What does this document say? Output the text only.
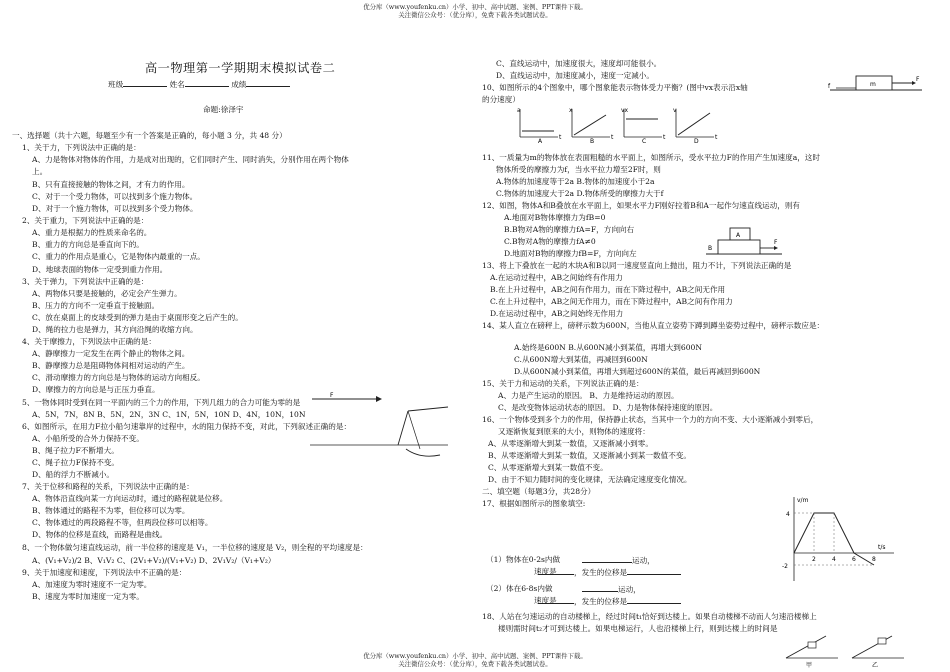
优分库（www.youfenku.cn）小学、初中、高中试题、案例、PPT课件下载。
关注微信公众号：（优分库），免费下载各类试题试卷。
高一物理第一学期期末模拟试卷二
班级	姓名	成绩
命题:徐泽宇
一、选择题（共十六题，每题至少有一个答案是正确的，每小题 3 分，共 48 分）
1、关于力，下列说法中正确的是：
A、力是物体对物体的作用，力是成对出现的，它们同时产生、同时消失，分别作用在两个物体
上。
B、只有直接接触的物体之间，才有力的作用。
C、对于一个受力物体，可以找到多个施力物体。
D、对于一个施力物体，可以找到多个受力物体。
2、关于重力，下列说法中正确的是：
A、重力是根据力的性质来命名的。
B、重力的方向总是垂直向下的。
C、重力的作用点是重心，它是物体内最重的一点。
D、地球表面的物体一定受到重力作用。
3、关于弹力，下列说法中正确的是：
A、两物体只要是接触的，必定会产生弹力。
B、压力的方向不一定垂直于接触面。
C、放在桌面上的皮球受到的弹力是由于桌面形变之后产生的。
D、绳的拉力也是弹力，其方向沿绳的收缩方向。
4、关于摩擦力，下列说法中正确的是：
A、静摩擦力一定发生在两个静止的物体之间。
B、静摩擦力总是阻碍物体间相对运动的产生。
C、滑动摩擦力的方向总是与物体的运动方向相反。
D、摩擦力的方向总是与正压力垂直。
5、一物体同时受到在同一平面内的三个力的作用，下列几组力的合力可能为零的是
A、5N，7N，8N B、5N，2N，3N C、1N，5N，10N D、4N，10N，10N
6、如图所示，在用力F拉小船匀速靠岸的过程中，水的阻力保持不变，对此，下列叙述正确的是：
A、小船所受的合外力保持不变。
B、绳子拉力F不断增大。
C、绳子拉力F保持不变。
D、船的浮力不断减小。
7、关于位移和路程的关系，下列说法中正确的是：
A、物体沿直线向某一方向运动时，通过的路程就是位移。
B、物体通过的路程不为零，但位移可以为零。
C、物体通过的两段路程不等，但两段位移可以相等。
D、物体的位移是直线，而路程是曲线。
8、一个物体做匀速直线运动，前一半位移的速度是 V₁，一半位移的速度是 V₂，则全程的平均速度是：
A、(V₁+V₂)/2 B、V₁V₂ C、(2V₁+V₂)/(V₁+V₂) D、2V₁V₂/（V₁+V₂）
9、关于加速度和速度，下列说法中不正确的是：
A、加速度为零时速度不一定为零。
B、速度为零时加速度一定为零。
C、直线运动中，加速度很大，速度却可能很小。
D、直线运动中，加速度减小，速度一定减小。
10、如图所示的4个图象中，哪个图象能表示物体受力平衡？(图中vx表示沿x轴
的分速度）
11、一质量为m的物体放在表面粗糙的水平面上，如图所示，受水平拉力F的作用产生加速度a，这时
物体所受的摩擦力为f，当水平拉力增至2F时，则
A.物体的加速度等于2a B.物体的加速度小于2a
C.物体的加速度大于2a D.物体所受的摩擦力大于f
12、如图，物体A和B叠放在水平面上，如果水平力F刚好拉着B和A一起作匀速直线运动，则有
A.地面对B物体摩擦力为fB=0
B.B物对A物的摩擦力fA=F，方向向右
C.B物对A物的摩擦力fA≠0
D.地面对B物的摩擦力fB=F，方向向左
13、将上下叠放在一起的木块A和B以同一速度竖直向上抛出，阻力不计，下列说法正确的是
A.在运动过程中，AB之间始终有作用力
B.在上升过程中，AB之间有作用力，而在下降过程中，AB之间无作用
C.在上升过程中，AB之间无作用力，而在下降过程中，AB之间有作用力
D.在运动过程中，AB之间始终无作用力
14、某人直立在磅秤上，磅秤示数为600N，当他从直立姿势下蹲到蹲坐姿势过程中，磅秤示数应是：
A.始终是600N B.从600N减小到某值，再增大到600N
C.从600N增大到某值，再减回到600N
D.从600N减小到某值，再增大到超过600N的某值，最后再减回到600N
15、关于力和运动的关系，下列说法正确的是：
A、力是产生运动的原因。 B、力是维持运动的原因。
C、是改变物体运动状态的原因。 D、力是物体保持速度的原因。
16、一个物体受到多个力的作用，保持静止状态，当其中一个力的方向不变、大小逐渐减小到零后，
又逐渐恢复到原来的大小，则物体的速度将：
A、从零逐渐增大到某一数值，又逐渐减小到零。
B、从零逐渐增大到某一数值，又逐渐减小到某一数值不变。
C、从零逐渐增大到某一数值不变。
D、由于不知力随时间的变化规律，无法确定速度变化情况。
二、填空题（每题3分，共28分）
17、根据如图所示的图象填空:
（1）物体在0-2s内做
速度是
（2）体在6-8s内做
速度是
18、人站在匀速运动的自动楼梯上，经过时间t₁恰好到达楼上。如果自动楼梯不动而人匀速沿楼梯上
楼则需时间t₂才可到达楼上。如果电梯运行，人也沿楼梯上行，则到达楼上的时间是
F
a
t
A
x
t
B
vx
t
C
v
t
D
m
F
f
A
B
F
v/m
t/s
4
-2
2	4	6	8
甲	乙
运动，
，发生的位移是
运动，
，发生的位移是
优分库（www.youfenku.cn）小学、初中、高中试题、案例、PPT课件下载。
关注微信公众号：（优分库），免费下载各类试题试卷。
